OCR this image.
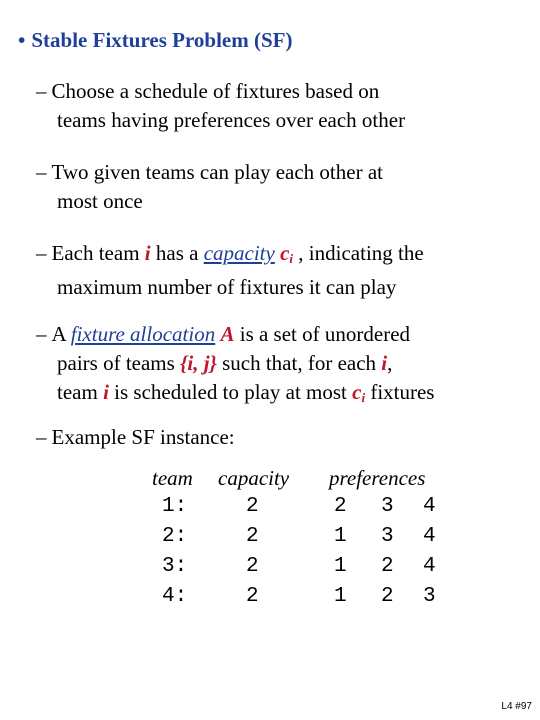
• Stable Fixtures Problem (SF)
– Choose a schedule of fixtures based on
teams having preferences over each other
– Two given teams can play each other at
most once
– Each team i has a capacity $c_i$ , indicating the
maximum number of fixtures it can play
– A fixture allocation A is a set of unordered
pairs of teams {i, j} such that, for each i,
team i is scheduled to play at most $c_i$ fixtures
– Example SF instance:
team capacity preferences
1:	2	2 3 4
2:	2	1 3 4
3:	2	1 2 4
4:	2	1 2 3
L4 #97
